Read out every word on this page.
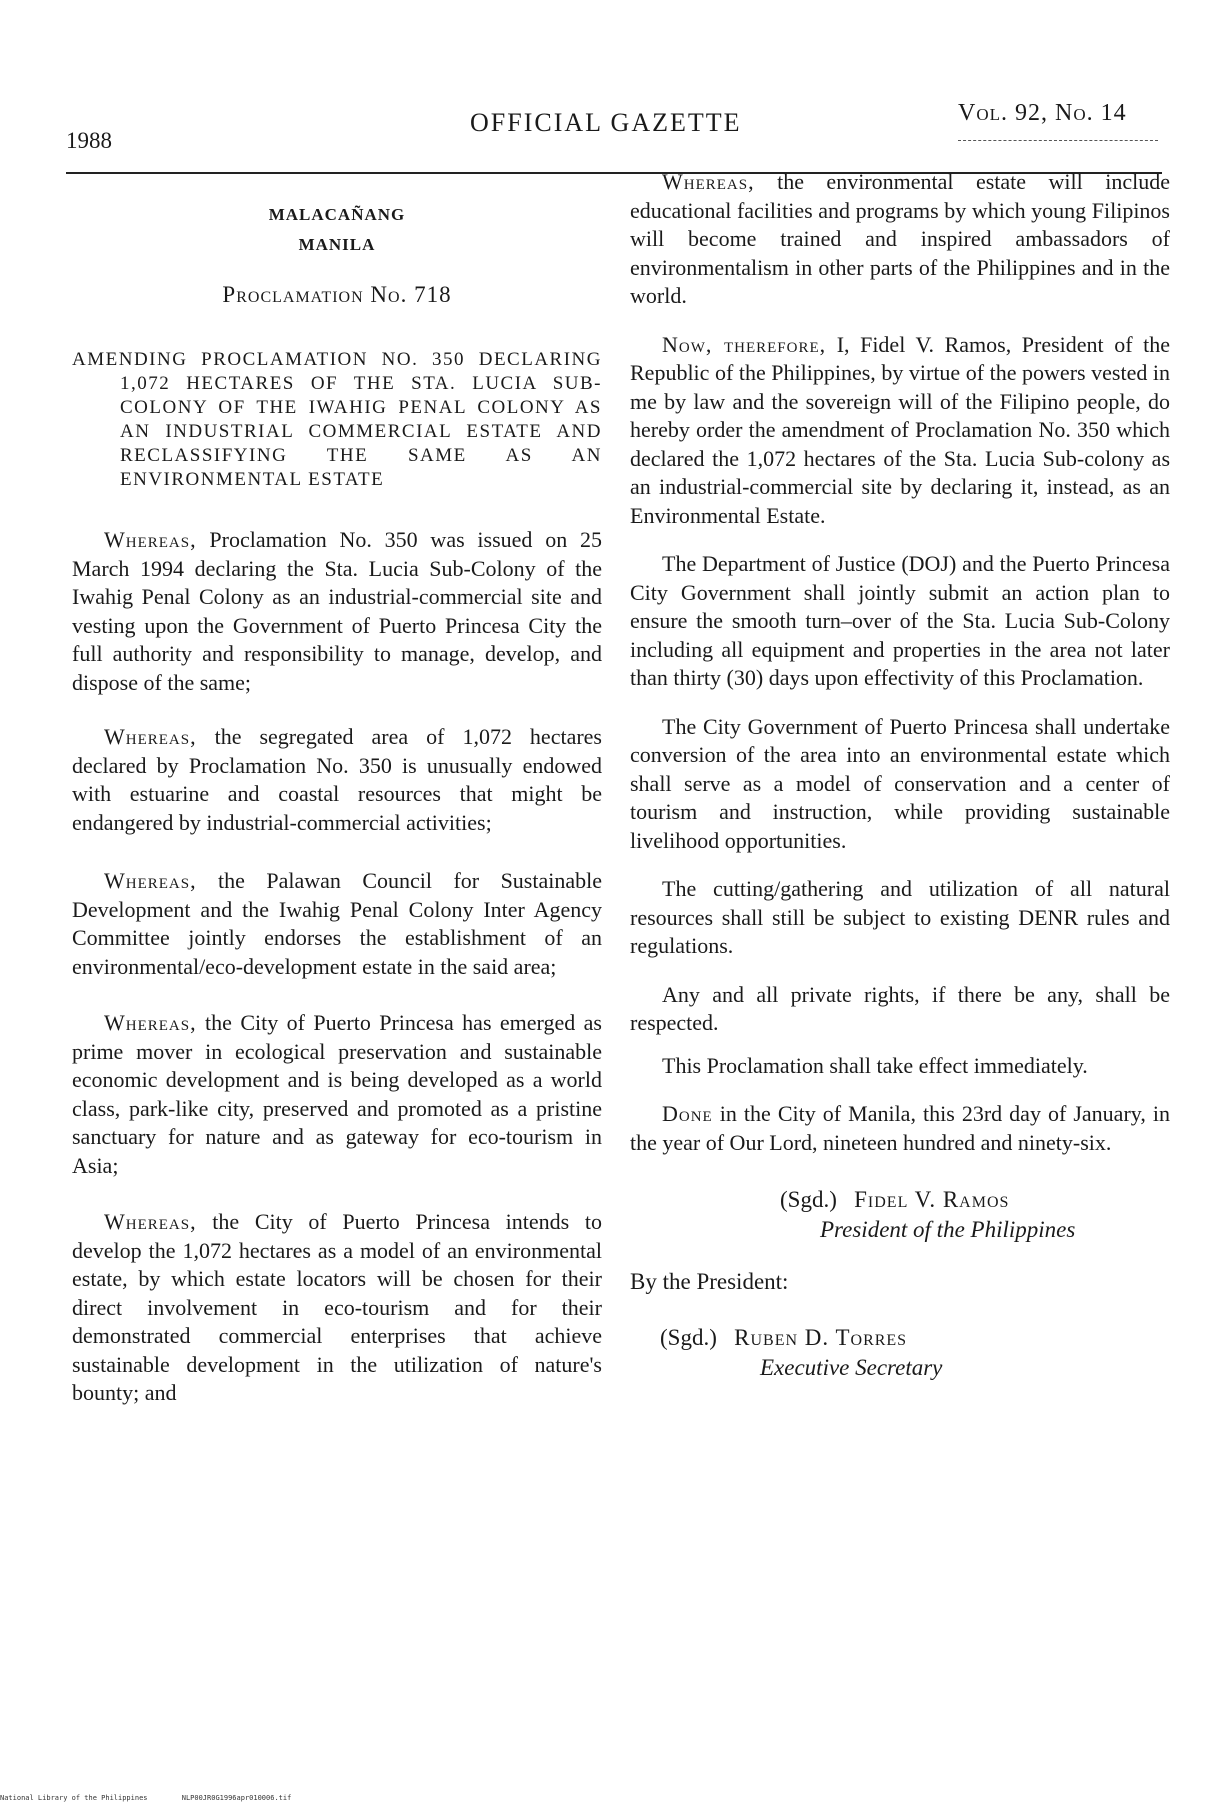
1988
OFFICIAL GAZETTE	Vol. 92, No. 14
MALACAÑANG
MANILA
Proclamation No. 718
AMENDING PROCLAMATION NO. 350 DECLARING 1,072 HECTARES OF THE STA. LUCIA SUB-COLONY OF THE IWAHIG PENAL COLONY AS AN INDUSTRIAL COMMERCIAL ESTATE AND RECLASSIFYING THE SAME AS AN ENVIRONMENTAL ESTATE

Whereas, Proclamation No. 350 was issued on 25 March 1994 declaring the Sta. Lucia Sub-Colony of the Iwahig Penal Colony as an industrial-commercial site and vesting upon the Government of Puerto Princesa City the full authority and responsibility to manage, develop, and dispose of the same;

Whereas, the segregated area of 1,072 hectares declared by Proclamation No. 350 is unusually endowed with estuarine and coastal resources that might be endangered by industrial-commercial activities;

Whereas, the Palawan Council for Sustainable Development and the Iwahig Penal Colony Inter Agency Committee jointly endorses the establishment of an environmental/eco-development estate in the said area;

Whereas, the City of Puerto Princesa has emerged as prime mover in ecological preservation and sustainable economic development and is being developed as a world class, park-like city, preserved and promoted as a pristine sanctuary for nature and as gateway for eco-tourism in Asia;

Whereas, the City of Puerto Princesa intends to develop the 1,072 hectares as a model of an environmental estate, by which estate locators will be chosen for their direct involvement in eco-tourism and for their demonstrated commercial enterprises that achieve sustainable development in the utilization of nature's bounty; and

Whereas, the environmental estate will include educational facilities and programs by which young Filipinos will become trained and inspired ambassadors of environmentalism in other parts of the Philippines and in the world.

Now, therefore, I, Fidel V. Ramos, President of the Republic of the Philippines, by virtue of the powers vested in me by law and the sovereign will of the Filipino people, do hereby order the amendment of Proclamation No. 350 which declared the 1,072 hectares of the Sta. Lucia Sub-colony as an industrial-commercial site by declaring it, instead, as an Environmental Estate.

The Department of Justice (DOJ) and the Puerto Princesa City Government shall jointly submit an action plan to ensure the smooth turn–over of the Sta. Lucia Sub-Colony including all equipment and properties in the area not later than thirty (30) days upon effectivity of this Proclamation.

The City Government of Puerto Princesa shall undertake conversion of the area into an environmental estate which shall serve as a model of conservation and a center of tourism and instruction, while providing sustainable livelihood opportunities.

The cutting/gathering and utilization of all natural resources shall still be subject to existing DENR rules and regulations.

Any and all private rights, if there be any, shall be respected.

This Proclamation shall take effect immediately.

Done in the City of Manila, this 23rd day of January, in the year of Our Lord, nineteen hundred and ninety-six.

(Sgd.) Fidel V. Ramos
President of the Philippines
By the President:
(Sgd.) Ruben D. Torres
Executive Secretary
National Library of the Philippines	NLP00JR0G1996apr010006.tif
